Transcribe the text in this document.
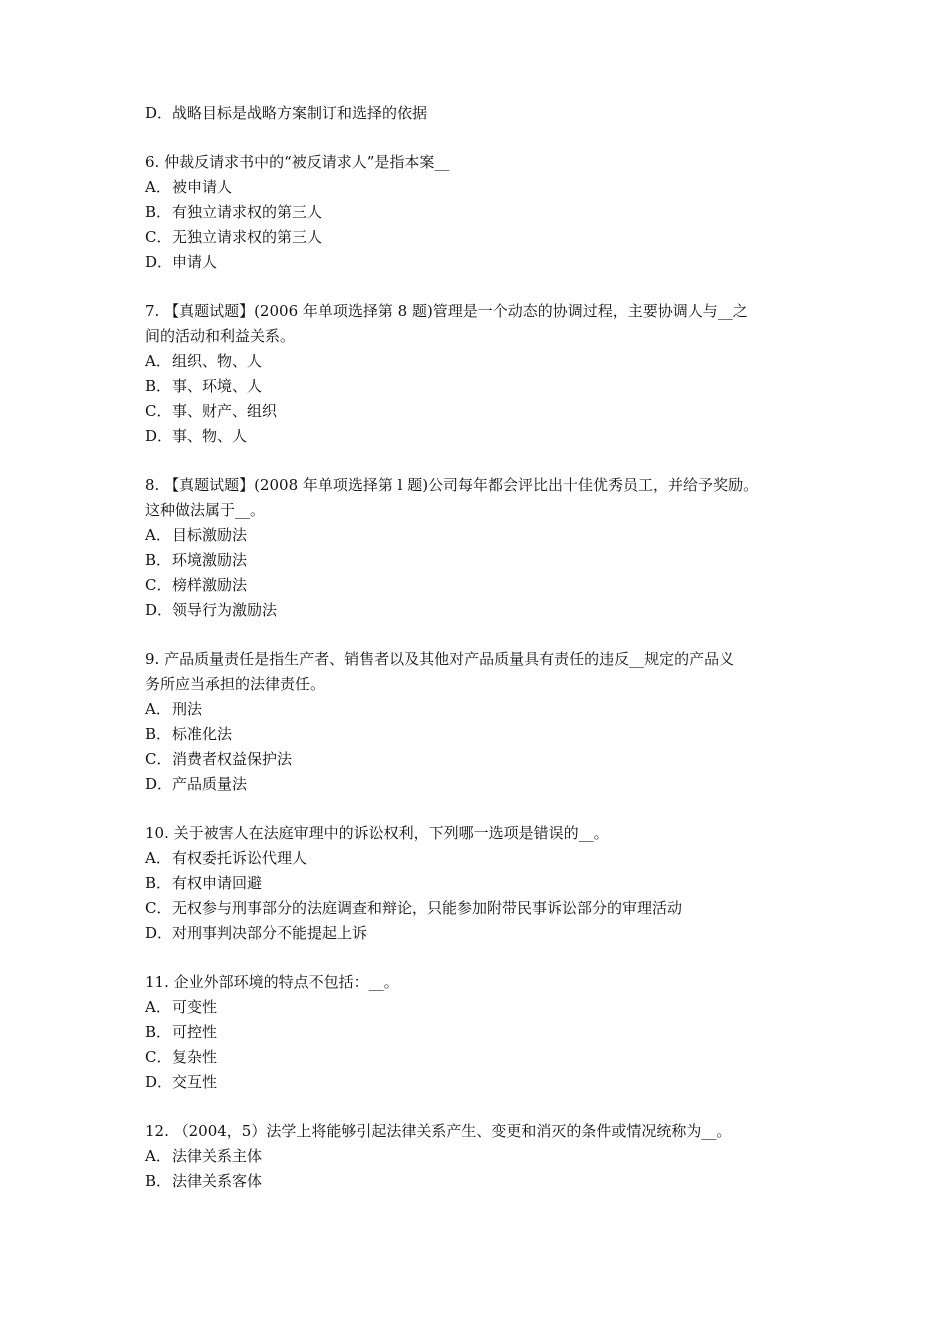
D．战略目标是战略方案制订和选择的依据
6. 仲裁反请求书中的“被反请求人”是指本案__
A．被申请人
B．有独立请求权的第三人
C．无独立请求权的第三人
D．申请人
7. 【真题试题】(2006 年单项选择第 8 题)管理是一个动态的协调过程，主要协调人与__之
间的活动和利益关系。
A．组织、物、人
B．事、环境、人
C．事、财产、组织
D．事、物、人
8. 【真题试题】(2008 年单项选择第 l 题)公司每年都会评比出十佳优秀员工，并给予奖励。
这种做法属于__。
A．目标激励法
B．环境激励法
C．榜样激励法
D．领导行为激励法
9. 产品质量责任是指生产者、销售者以及其他对产品质量具有责任的违反__规定的产品义
务所应当承担的法律责任。
A．刑法
B．标准化法
C．消费者权益保护法
D．产品质量法
10. 关于被害人在法庭审理中的诉讼权利，下列哪一选项是错误的__。
A．有权委托诉讼代理人
B．有权申请回避
C．无权参与刑事部分的法庭调查和辩论，只能参加附带民事诉讼部分的审理活动
D．对刑事判决部分不能提起上诉
11. 企业外部环境的特点不包括：__。
A．可变性
B．可控性
C．复杂性
D．交互性
12. （2004，5）法学上将能够引起法律关系产生、变更和消灭的条件或情况统称为__。
A．法律关系主体
B．法律关系客体
